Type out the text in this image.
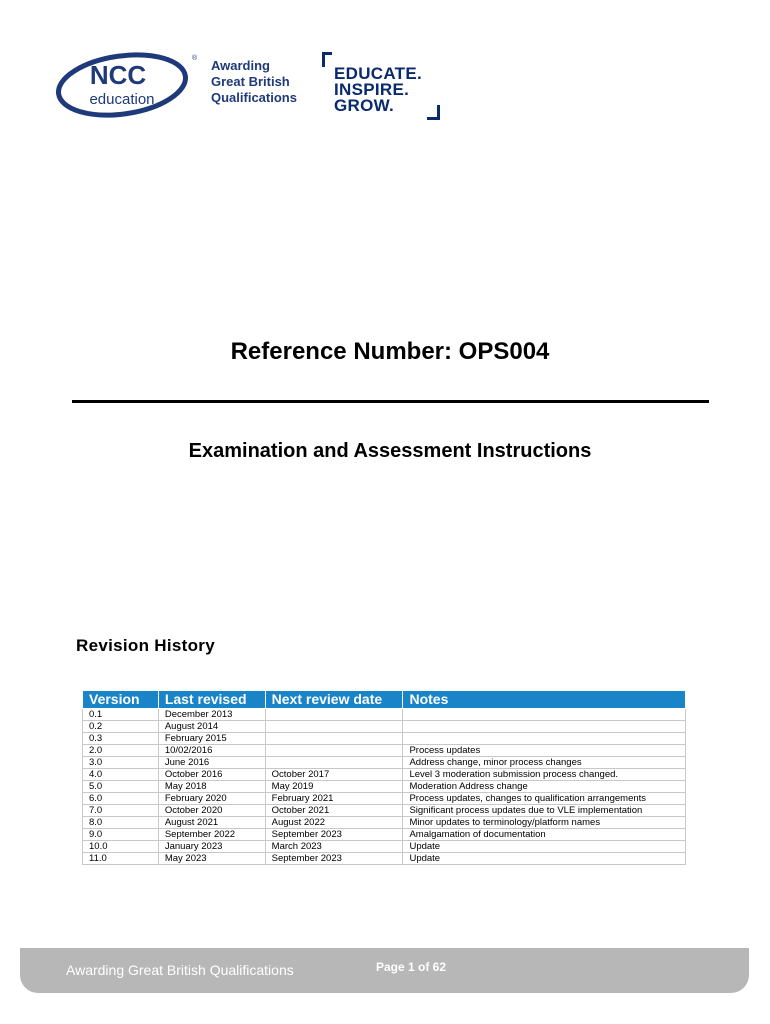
NCC
education
® Awarding
Great British
Qualifications
EDUCATE.
INSPIRE.
GROW.
Reference Number: OPS004
Examination and Assessment Instructions
Revision History
Version	Last revised	Next review date	Notes
0.1	December 2013		
0.2	August 2014		
0.3	February 2015		
2.0	10/02/2016		Process updates
3.0	June 2016		Address change, minor process changes
4.0	October 2016	October 2017	Level 3 moderation submission process changed.
5.0	May 2018	May 2019	Moderation Address change
6.0	February 2020	February 2021	Process updates, changes to qualification arrangements
7.0	October 2020	October 2021	Significant process updates due to VLE implementation
8.0	August 2021	August 2022	Minor updates to terminology/platform names
9.0	September 2022	September 2023	Amalgamation of documentation
10.0	January 2023	March 2023	Update
11.0	May 2023	September 2023	Update
Awarding Great British Qualifications	Page 1 of 62
